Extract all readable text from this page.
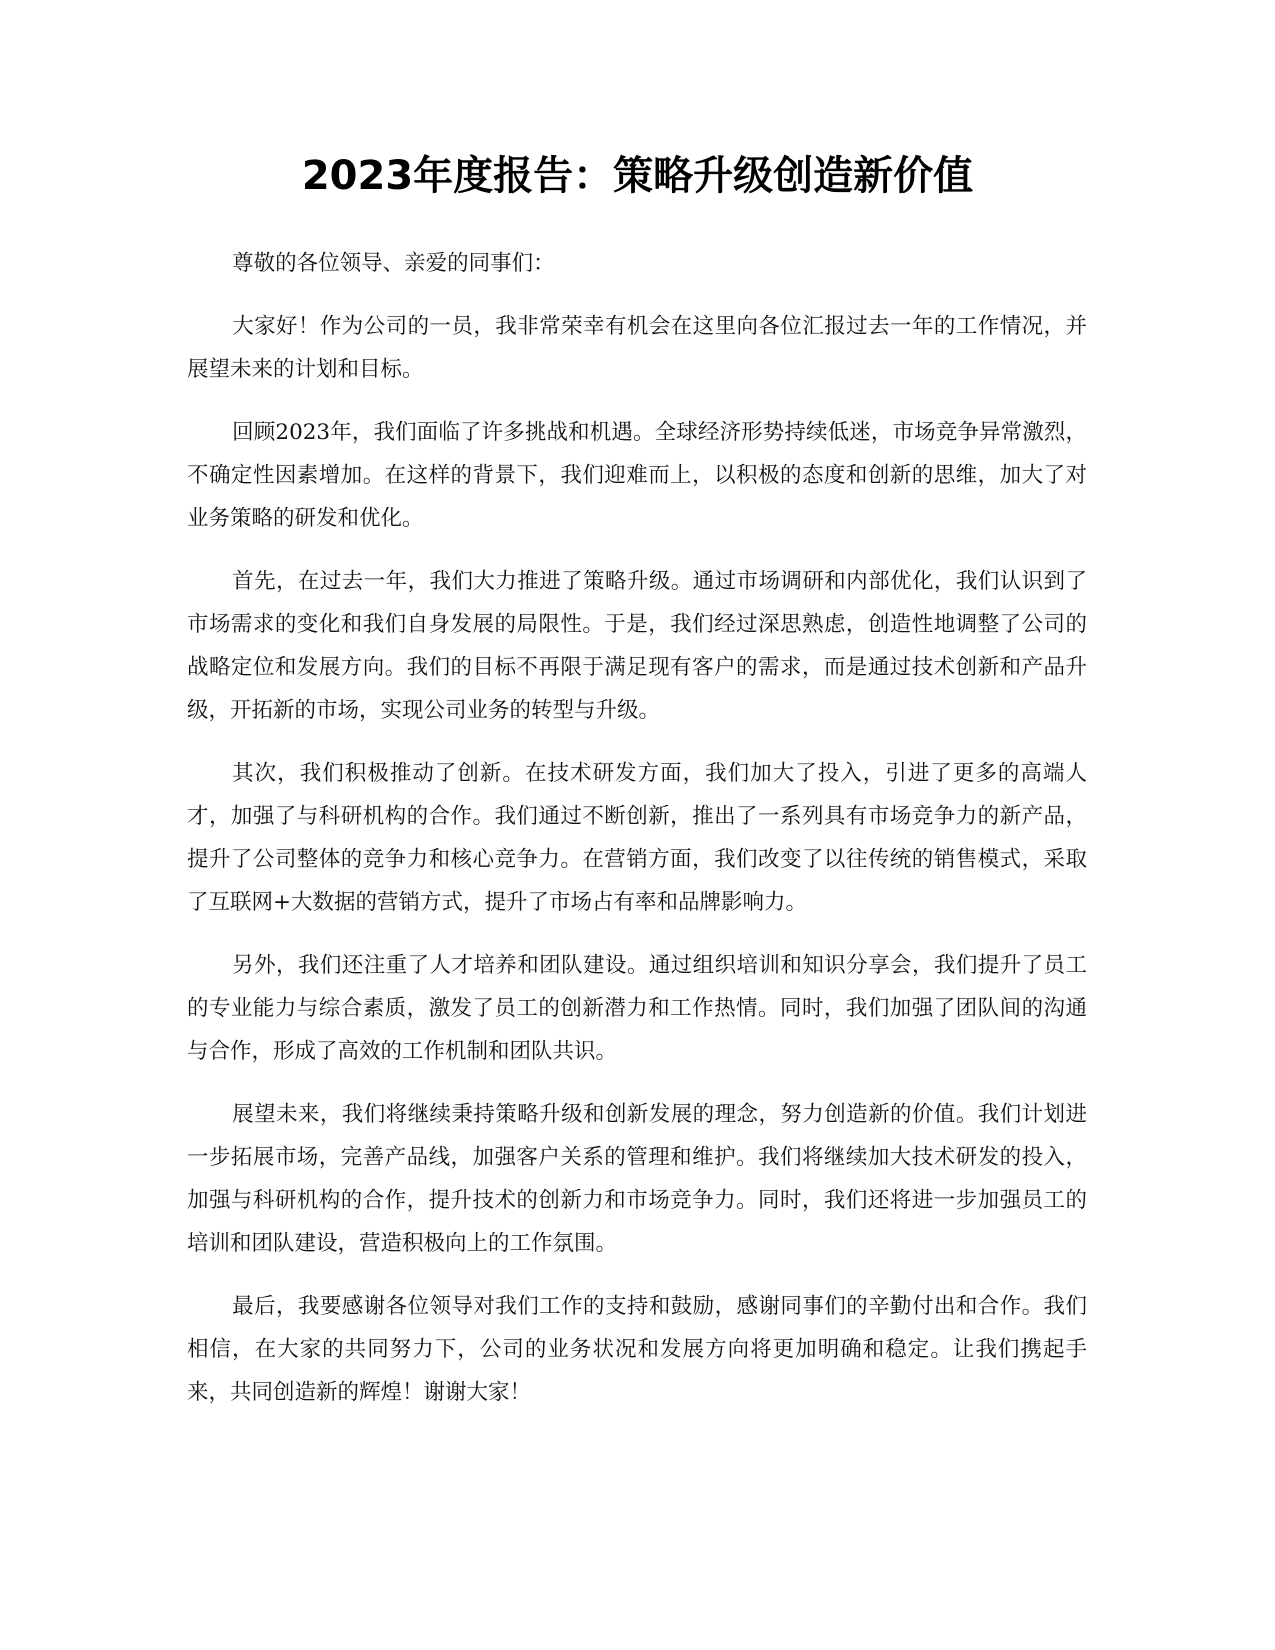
2023年度报告：策略升级创造新价值

尊敬的各位领导、亲爱的同事们：

大家好！作为公司的一员，我非常荣幸有机会在这里向各位汇报过去一年的工作情况，并展望未来的计划和目标。

回顾2023年，我们面临了许多挑战和机遇。全球经济形势持续低迷，市场竞争异常激烈，不确定性因素增加。在这样的背景下，我们迎难而上，以积极的态度和创新的思维，加大了对业务策略的研发和优化。

首先，在过去一年，我们大力推进了策略升级。通过市场调研和内部优化，我们认识到了市场需求的变化和我们自身发展的局限性。于是，我们经过深思熟虑，创造性地调整了公司的战略定位和发展方向。我们的目标不再限于满足现有客户的需求，而是通过技术创新和产品升级，开拓新的市场，实现公司业务的转型与升级。

其次，我们积极推动了创新。在技术研发方面，我们加大了投入，引进了更多的高端人才，加强了与科研机构的合作。我们通过不断创新，推出了一系列具有市场竞争力的新产品，提升了公司整体的竞争力和核心竞争力。在营销方面，我们改变了以往传统的销售模式，采取了互联网+大数据的营销方式，提升了市场占有率和品牌影响力。

另外，我们还注重了人才培养和团队建设。通过组织培训和知识分享会，我们提升了员工的专业能力与综合素质，激发了员工的创新潜力和工作热情。同时，我们加强了团队间的沟通与合作，形成了高效的工作机制和团队共识。

展望未来，我们将继续秉持策略升级和创新发展的理念，努力创造新的价值。我们计划进一步拓展市场，完善产品线，加强客户关系的管理和维护。我们将继续加大技术研发的投入，加强与科研机构的合作，提升技术的创新力和市场竞争力。同时，我们还将进一步加强员工的培训和团队建设，营造积极向上的工作氛围。

最后，我要感谢各位领导对我们工作的支持和鼓励，感谢同事们的辛勤付出和合作。我们相信，在大家的共同努力下，公司的业务状况和发展方向将更加明确和稳定。让我们携起手来，共同创造新的辉煌！谢谢大家！
